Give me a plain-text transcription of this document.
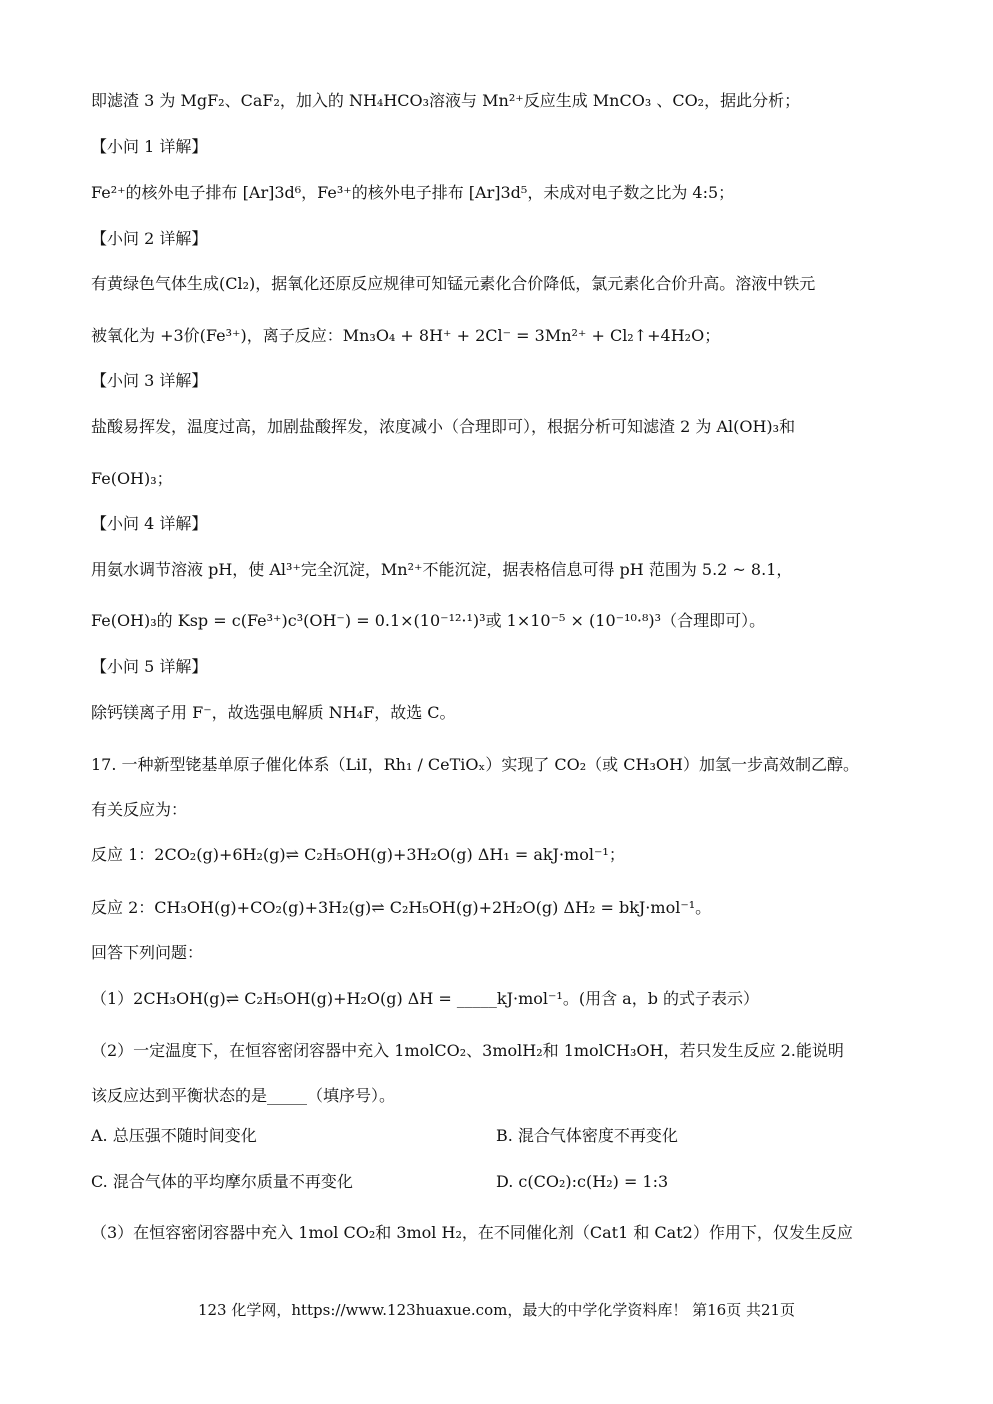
即滤渣 3 为 MgF₂、CaF₂，加入的 NH₄HCO₃溶液与 Mn²⁺反应生成 MnCO₃ 、CO₂，据此分析；
【小问 1 详解】
Fe²⁺的核外电子排布 [Ar]3d⁶，Fe³⁺的核外电子排布 [Ar]3d⁵，未成对电子数之比为 4:5；
【小问 2 详解】
有黄绿色气体生成(Cl₂)，据氧化还原反应规律可知锰元素化合价降低，氯元素化合价升高。溶液中铁元
被氧化为 +3价(Fe³⁺)，离子反应：Mn₃O₄ + 8H⁺ + 2Cl⁻ = 3Mn²⁺ + Cl₂↑+4H₂O；
【小问 3 详解】
盐酸易挥发，温度过高，加剧盐酸挥发，浓度减小（合理即可），根据分析可知滤渣 2 为 Al(OH)₃和
Fe(OH)₃；
【小问 4 详解】
用氨水调节溶液 pH，使 Al³⁺完全沉淀，Mn²⁺不能沉淀，据表格信息可得 pH 范围为 5.2 ~ 8.1，
Fe(OH)₃的 Ksp = c(Fe³⁺)c³(OH⁻) = 0.1×(10⁻¹²·¹)³或 1×10⁻⁵ × (10⁻¹⁰·⁸)³（合理即可）。
【小问 5 详解】
除钙镁离子用 F⁻，故选强电解质 NH₄F，故选 C。
17. 一种新型铑基单原子催化体系（LiI，Rh₁ / CeTiOₓ）实现了 CO₂（或 CH₃OH）加氢一步高效制乙醇。
有关反应为：
反应 1：2CO₂(g)+6H₂(g)⇌ C₂H₅OH(g)+3H₂O(g) ΔH₁ = akJ·mol⁻¹；
反应 2：CH₃OH(g)+CO₂(g)+3H₂(g)⇌ C₂H₅OH(g)+2H₂O(g) ΔH₂ = bkJ·mol⁻¹。
回答下列问题：
（1）2CH₃OH(g)⇌ C₂H₅OH(g)+H₂O(g) ΔH = _____kJ·mol⁻¹。(用含 a，b 的式子表示）
（2）一定温度下，在恒容密闭容器中充入 1molCO₂、3molH₂和 1molCH₃OH，若只发生反应 2.能说明
该反应达到平衡状态的是_____（填序号）。
A. 总压强不随时间变化	B. 混合气体密度不再变化
C. 混合气体的平均摩尔质量不再变化	D. c(CO₂):c(H₂) = 1:3
（3）在恒容密闭容器中充入 1mol CO₂和 3mol H₂，在不同催化剂（Cat1 和 Cat2）作用下，仅发生反应
123 化学网，https://www.123huaxue.com，最大的中学化学资料库！ 第16页 共21页
